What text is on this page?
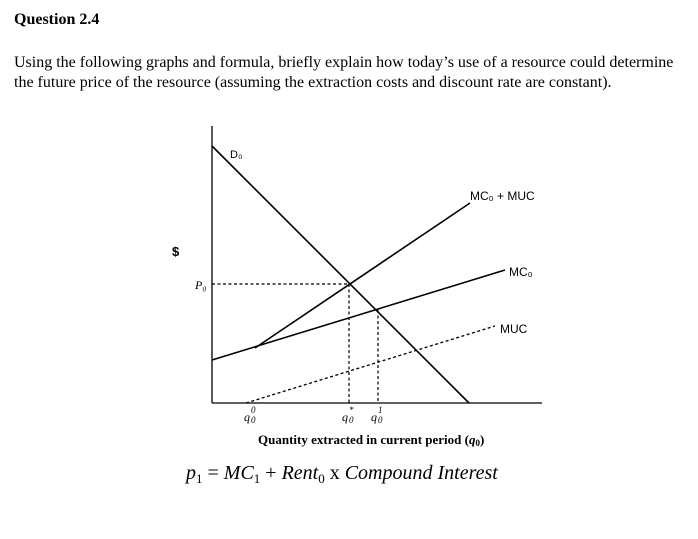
Question 2.4

Using the following graphs and formula, briefly explain how today’s use of a resource could determine the future price of the resource (assuming the extraction costs and discount rate are constant).

$
P₀
D₀
MC₀ + MUC
MC₀
MUC
q 0
0	q 0
* q 0
1
Quantity extracted in current period (q0)
$p_1 = MC_1$ + Rent$_0$ x Compound Interest
